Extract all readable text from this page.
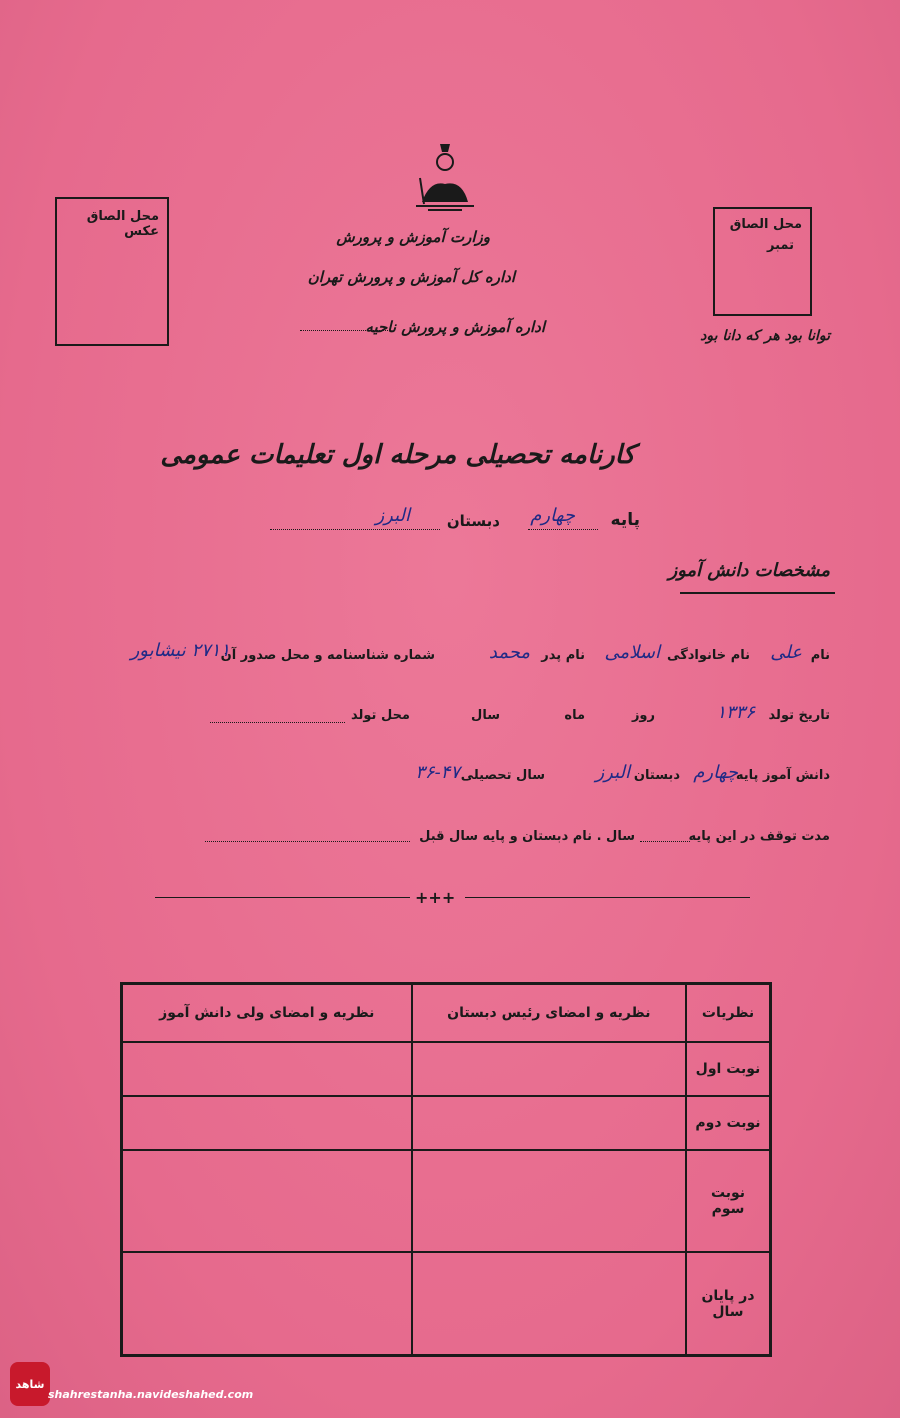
محل الصاق عکس	محل الصاق
تمبر
توانا بود هر که دانا بود
وزارت آموزش و پرورش
اداره کل آموزش و پرورش تهران
اداره آموزش و پرورش ناحیه
کارنامه تحصیلی مرحله اول تعلیمات عمومی
پایه
چهارم
دبستان
البرز
مشخصات دانش آموز
نام
علی
نام خانوادگی
اسلامی
نام پدر
محمد
شماره شناسنامه و محل صدور آن
۲۷۱۱ نیشابور
تاریخ تولد
۱۳۳۶
روز
ماه
سال
محل تولد
دانش آموز پایه
چهارم
دبستان
البرز
سال تحصیلی
۳۶-۴۷
مدت توقف در این پایه
سال . نام دبستان و پایه سال قبل
+++
نظریات	نظریه و امضای رئیس دبستان	نظریه و امضای ولی دانش آموز
نوبت اول		
نوبت دوم		
نوبت سوم		
در پایان سال		
شاهد
shahrestanha.navideshahed.com
